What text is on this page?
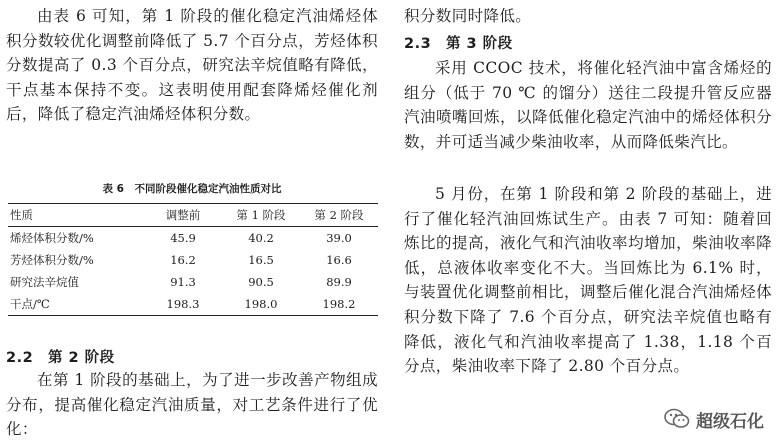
由表 6 可知，第 1 阶段的催化稳定汽油烯烃体积分数较优化调整前降低了 5.7 个百分点，芳烃体积分数提高了 0.3 个百分点，研究法辛烷值略有降低，干点基本保持不变。这表明使用配套降烯烃催化剂后，降低了稳定汽油烯烃体积分数。

表 6　不同阶段催化稳定汽油性质对比
性质	调整前	第 1 阶段	第 2 阶段
烯烃体积分数/%	45.9	40.2	39.0
芳烃体积分数/%	16.2	16.5	16.6
研究法辛烷值	91.3	90.5	89.9
干点/℃	198.3	198.0	198.2

2.2 第 2 阶段

在第 1 阶段的基础上，为了进一步改善产物组成分布，提高催化稳定汽油质量，对工艺条件进行了优化：

积分数同时降低。

2.3 第 3 阶段

采用 CCOC 技术，将催化轻汽油中富含烯烃的组分（低于 70 ℃ 的馏分）送往二段提升管反应器汽油喷嘴回炼，以降低催化稳定汽油中的烯烃体积分数，并可适当减少柴油收率，从而降低柴汽比。

5 月份，在第 1 阶段和第 2 阶段的基础上，进行了催化轻汽油回炼试生产。由表 7 可知：随着回炼比的提高，液化气和汽油收率均增加，柴油收率降低，总液体收率变化不大。当回炼比为 6.1% 时，与装置优化调整前相比，调整后催化混合汽油烯烃体积分数下降了 7.6 个百分点，研究法辛烷值也略有降低，液化气和汽油收率提高了 1.38，1.18 个百分点，柴油收率下降了 2.80 个百分点。

超级石化
